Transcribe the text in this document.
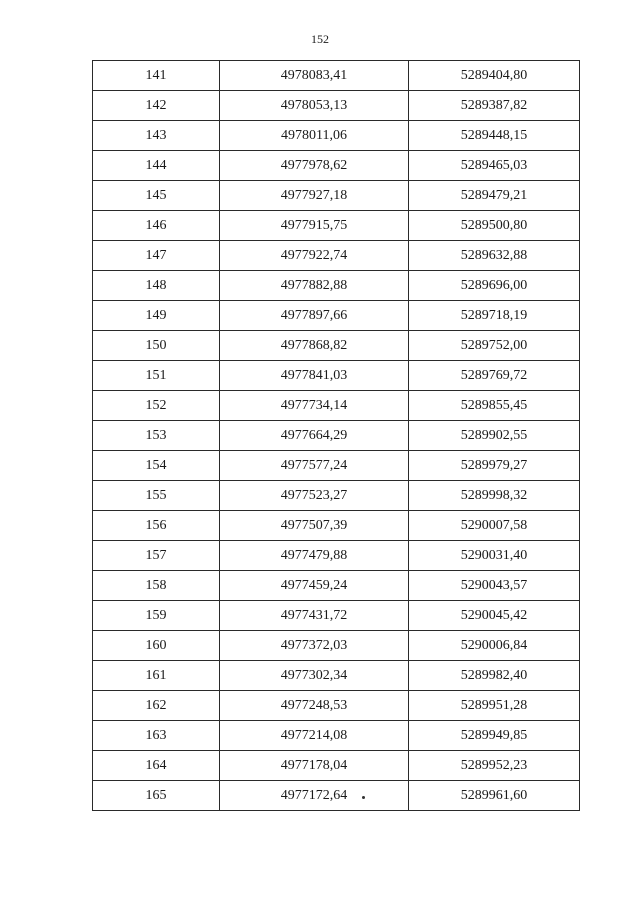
152
141	4978083,41	5289404,80
142	4978053,13	5289387,82
143	4978011,06	5289448,15
144	4977978,62	5289465,03
145	4977927,18	5289479,21
146	4977915,75	5289500,80
147	4977922,74	5289632,88
148	4977882,88	5289696,00
149	4977897,66	5289718,19
150	4977868,82	5289752,00
151	4977841,03	5289769,72
152	4977734,14	5289855,45
153	4977664,29	5289902,55
154	4977577,24	5289979,27
155	4977523,27	5289998,32
156	4977507,39	5290007,58
157	4977479,88	5290031,40
158	4977459,24	5290043,57
159	4977431,72	5290045,42
160	4977372,03	5290006,84
161	4977302,34	5289982,40
162	4977248,53	5289951,28
163	4977214,08	5289949,85
164	4977178,04	5289952,23
165	4977172,64	5289961,60
